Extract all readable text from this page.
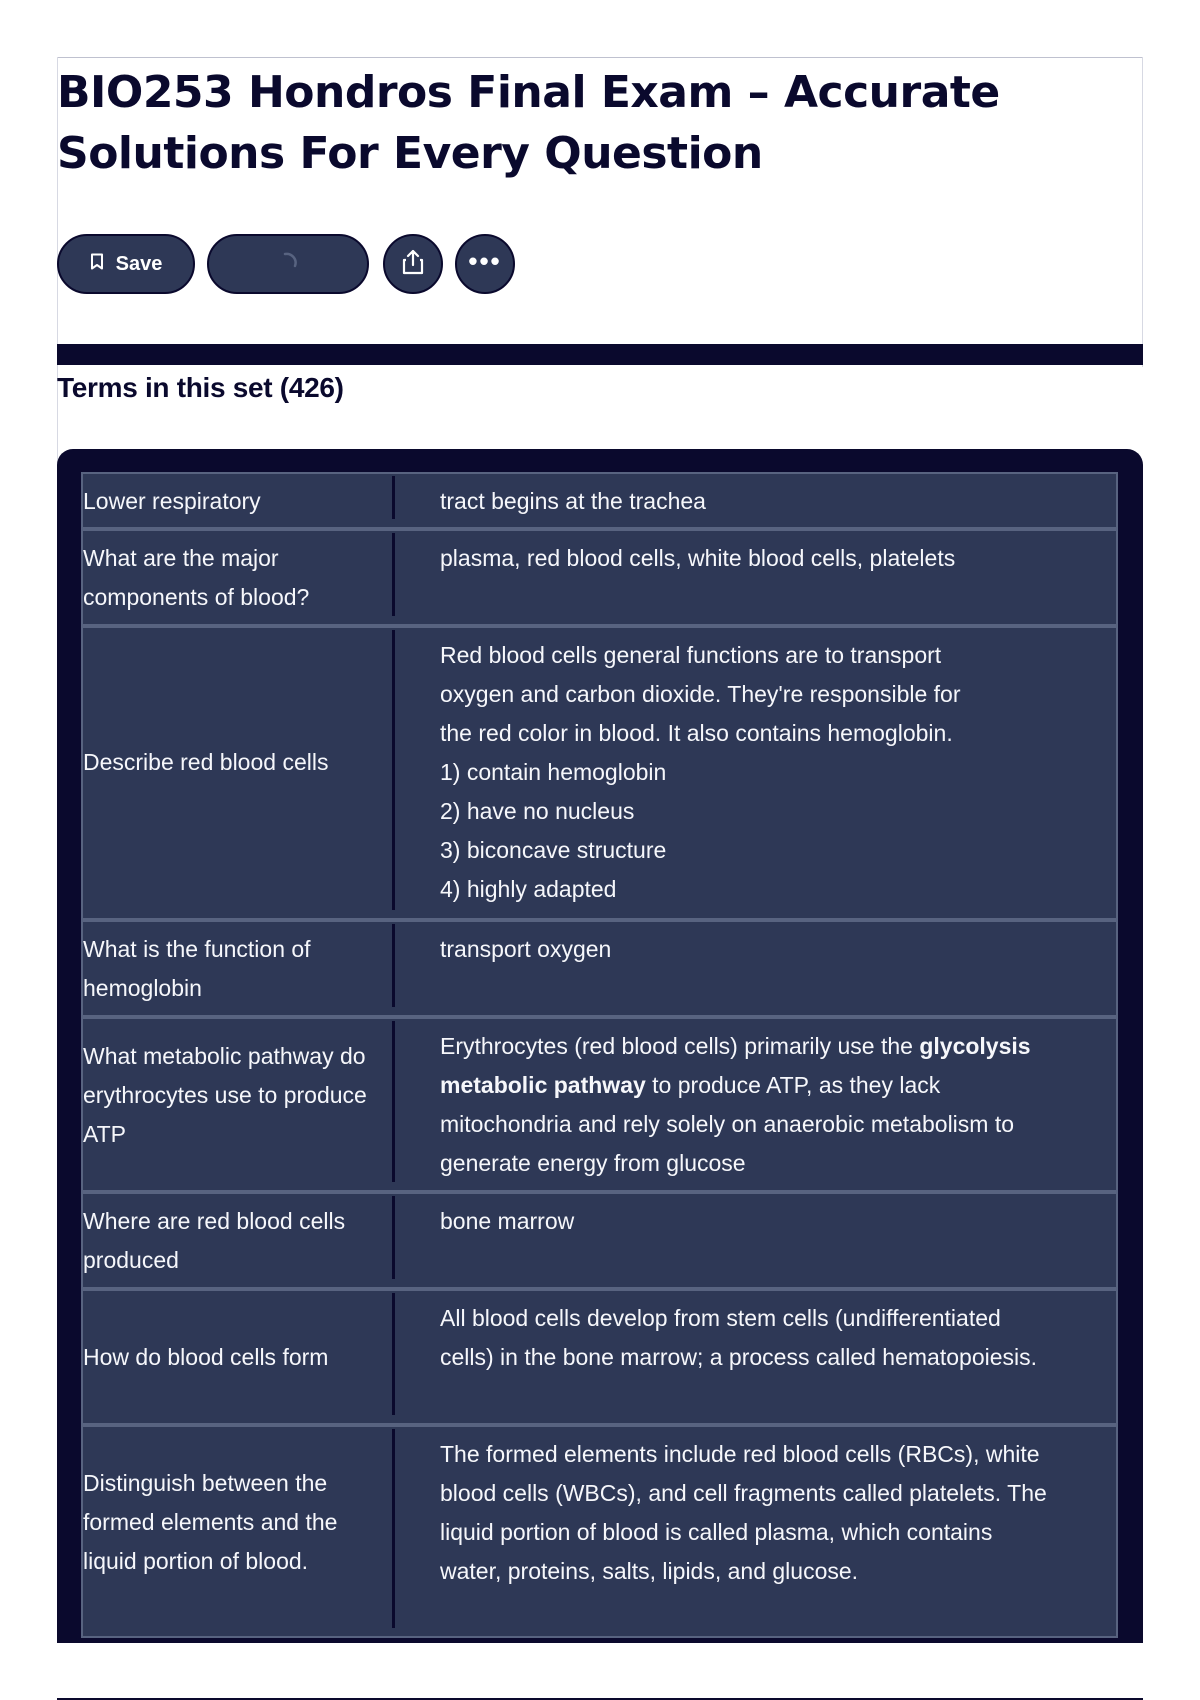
BIO253 Hondros Final Exam – Accurate Solutions For Every Question
Save	•••
Terms in this set (426)
Lower respiratory	tract begins at the trachea
What are the major components of blood?
plasma, red blood cells, white blood cells, platelets
Describe red blood cells
Red blood cells general functions are to transport
oxygen and carbon dioxide. They're responsible for
the red color in blood. It also contains hemoglobin.
1) contain hemoglobin
2) have no nucleus
3) biconcave structure
4) highly adapted
What is the function of hemoglobin
transport oxygen
What metabolic pathway do erythrocytes use to produce ATP
Erythrocytes (red blood cells) primarily use the glycolysis metabolic pathway to produce ATP, as they lack mitochondria and rely solely on anaerobic metabolism to generate energy from glucose
Where are red blood cells produced
bone marrow
How do blood cells form
All blood cells develop from stem cells (undifferentiated cells) in the bone marrow; a process called hematopoiesis.
Distinguish between the formed elements and the liquid portion of blood.
The formed elements include red blood cells (RBCs), white blood cells (WBCs), and cell fragments called platelets. The liquid portion of blood is called plasma, which contains water, proteins, salts, lipids, and glucose.
